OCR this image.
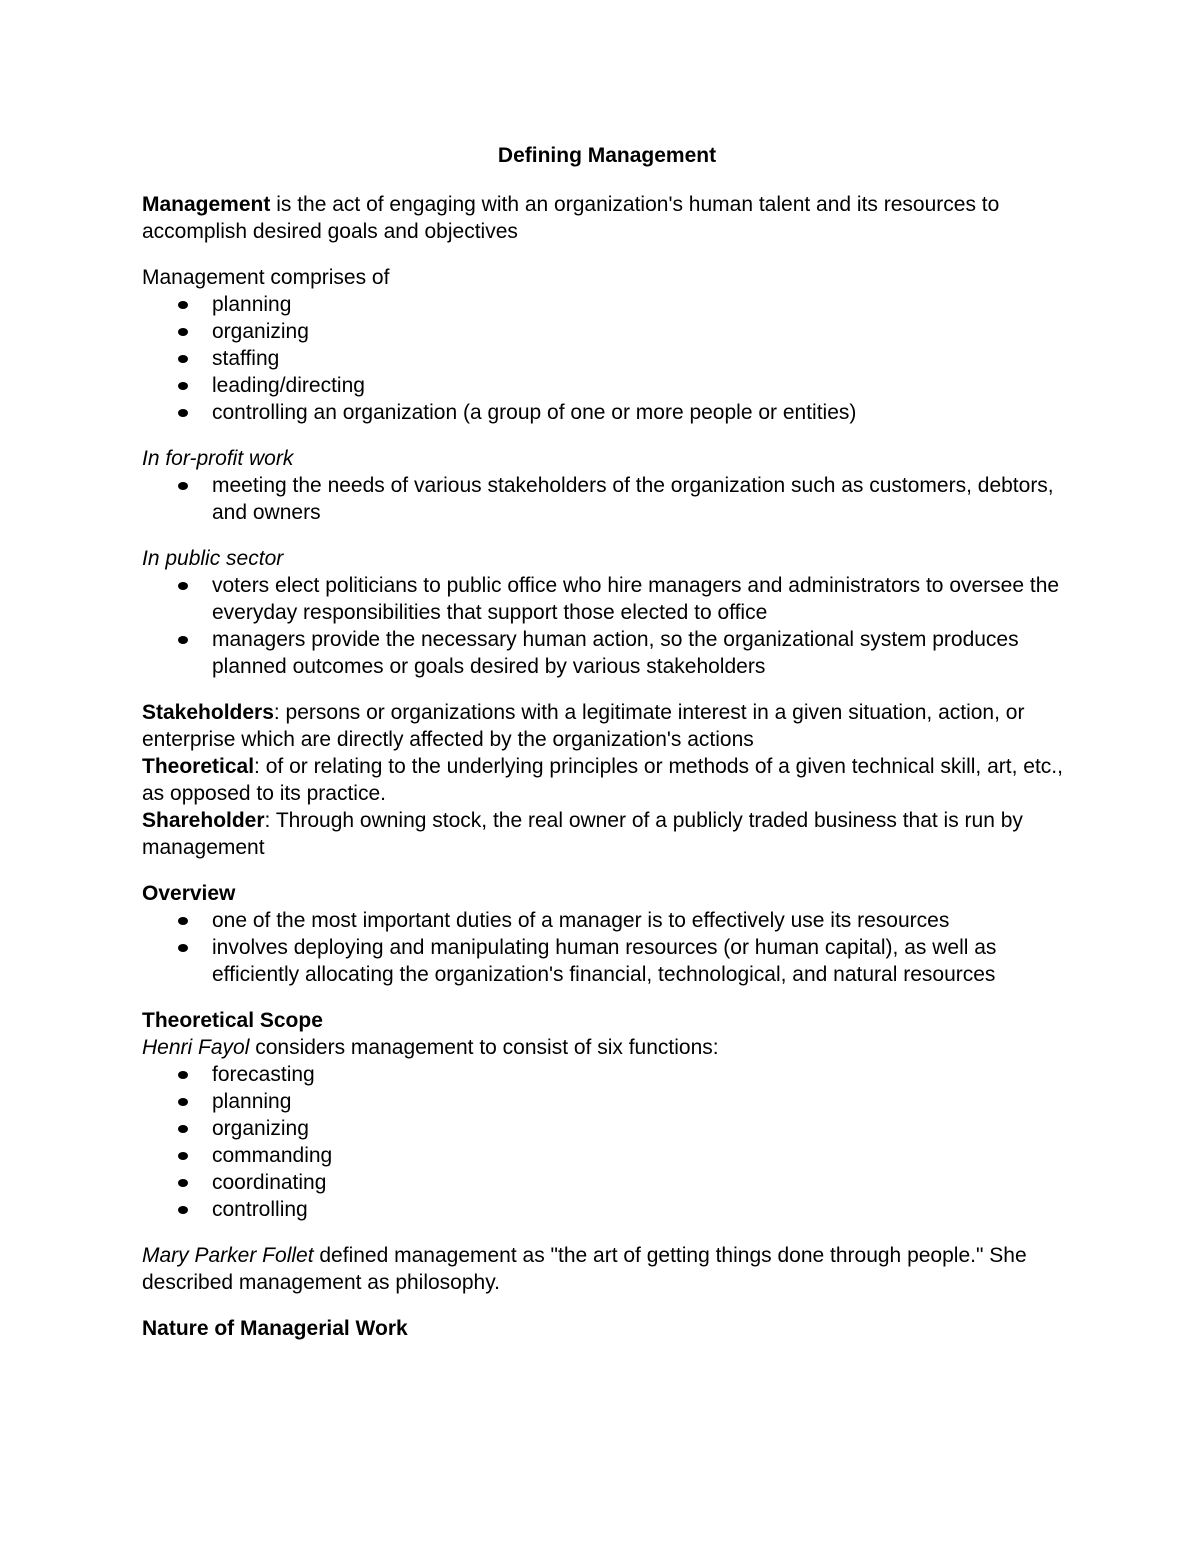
Defining Management

Management is the act of engaging with an organization's human talent and its resources to accomplish desired goals and objectives

Management comprises of

planning
organizing
staffing
leading/directing
controlling an organization (a group of one or more people or entities)

In for-profit work

meeting the needs of various stakeholders of the organization such as customers, debtors, and owners

In public sector

voters elect politicians to public office who hire managers and administrators to oversee the everyday responsibilities that support those elected to office
managers provide the necessary human action, so the organizational system produces planned outcomes or goals desired by various stakeholders

Stakeholders: persons or organizations with a legitimate interest in a given situation, action, or enterprise which are directly affected by the organization's actions

Theoretical: of or relating to the underlying principles or methods of a given technical skill, art, etc., as opposed to its practice.

Shareholder: Through owning stock, the real owner of a publicly traded business that is run by management

Overview

one of the most important duties of a manager is to effectively use its resources
involves deploying and manipulating human resources (or human capital), as well as efficiently allocating the organization's financial, technological, and natural resources

Theoretical Scope

Henri Fayol considers management to consist of six functions:

forecasting
planning
organizing
commanding
coordinating
controlling

Mary Parker Follet defined management as "the art of getting things done through people." She described management as philosophy.

Nature of Managerial Work
